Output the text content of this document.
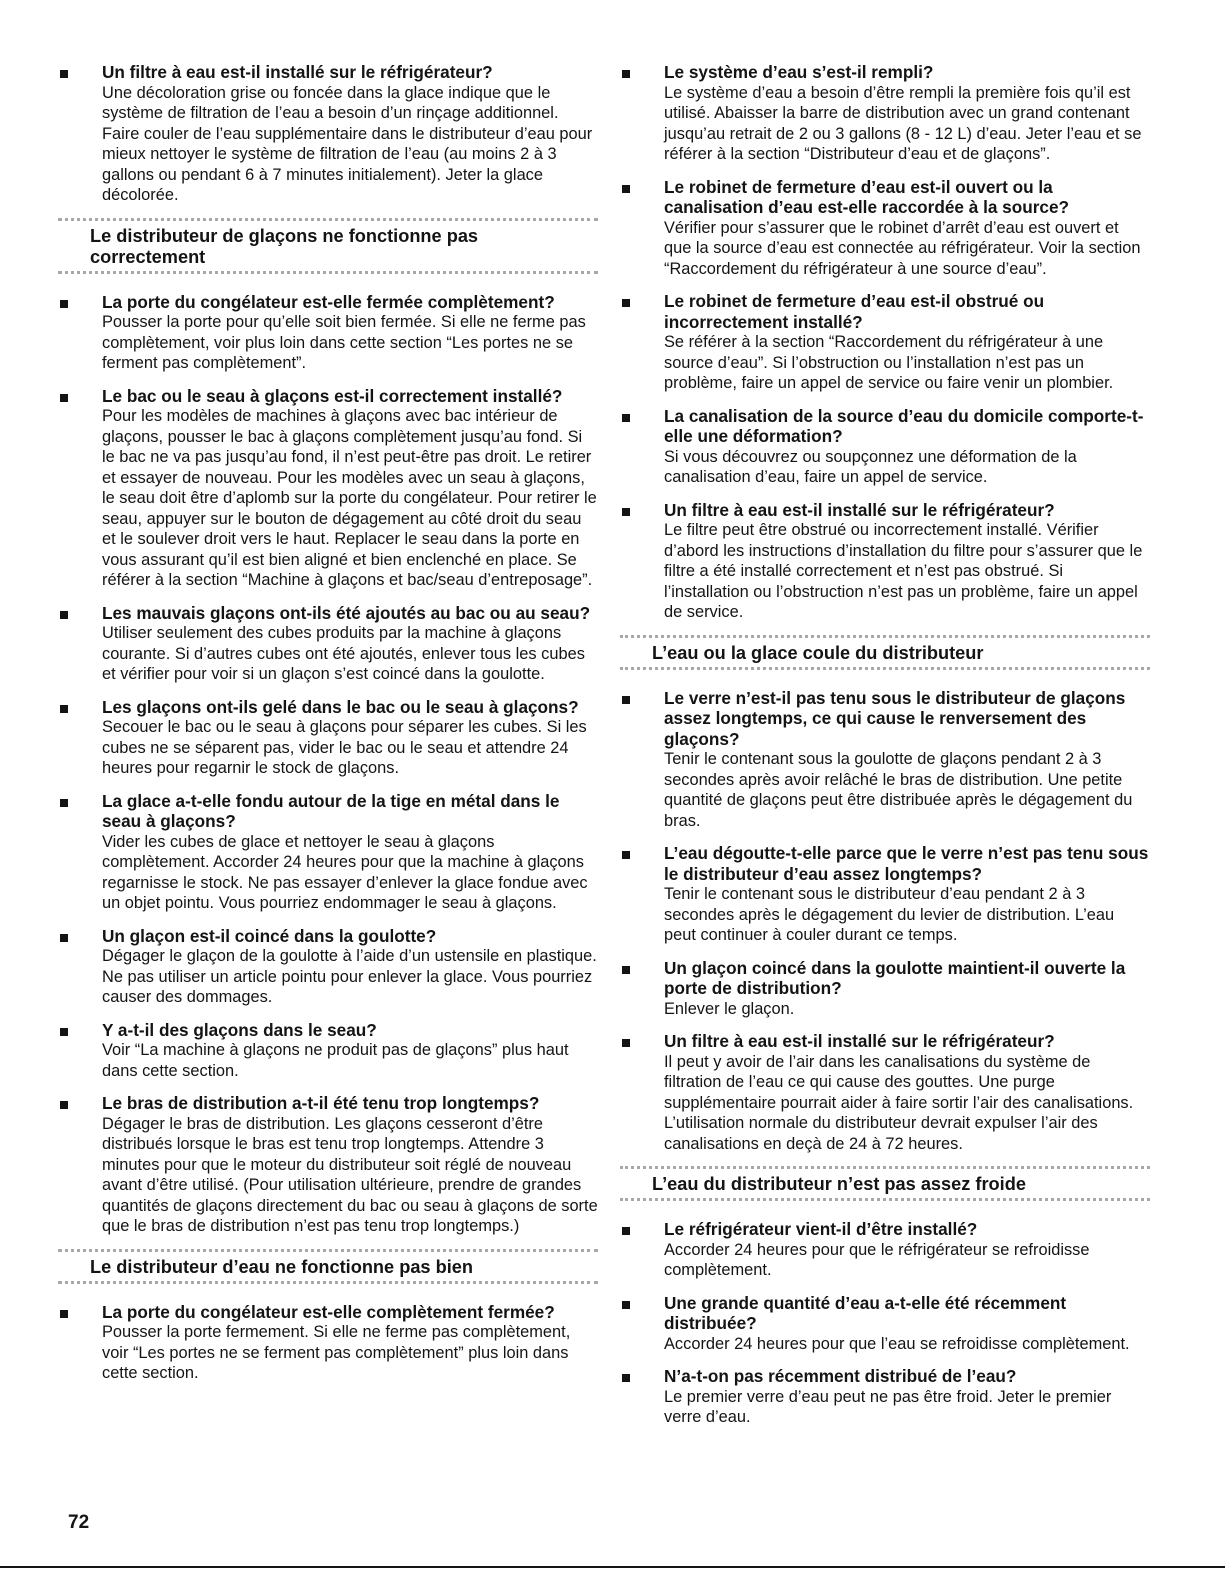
Un filtre à eau est-il installé sur le réfrigérateur?

Une décoloration grise ou foncée dans la glace indique que le système de filtration de l’eau a besoin d’un rinçage additionnel. Faire couler de l’eau supplémentaire dans le distributeur d’eau pour mieux nettoyer le système de filtration de l’eau (au moins 2 à 3 gallons ou pendant 6 à 7 minutes initialement). Jeter la glace décolorée.

Le distributeur de glaçons ne fonctionne pas correctement

La porte du congélateur est-elle fermée complètement?

Pousser la porte pour qu’elle soit bien fermée. Si elle ne ferme pas complètement, voir plus loin dans cette section “Les portes ne se ferment pas complètement”.

Le bac ou le seau à glaçons est-il correctement installé?

Pour les modèles de machines à glaçons avec bac intérieur de glaçons, pousser le bac à glaçons complètement jusqu’au fond. Si le bac ne va pas jusqu’au fond, il n’est peut-être pas droit. Le retirer et essayer de nouveau. Pour les modèles avec un seau à glaçons, le seau doit être d’aplomb sur la porte du congélateur. Pour retirer le seau, appuyer sur le bouton de dégagement au côté droit du seau et le soulever droit vers le haut. Replacer le seau dans la porte en vous assurant qu’il est bien aligné et bien enclenché en place. Se référer à la section “Machine à glaçons et bac/seau d’entreposage”.

Les mauvais glaçons ont-ils été ajoutés au bac ou au seau?

Utiliser seulement des cubes produits par la machine à glaçons courante. Si d’autres cubes ont été ajoutés, enlever tous les cubes et vérifier pour voir si un glaçon s’est coincé dans la goulotte.

Les glaçons ont-ils gelé dans le bac ou le seau à glaçons?

Secouer le bac ou le seau à glaçons pour séparer les cubes. Si les cubes ne se séparent pas, vider le bac ou le seau et attendre 24 heures pour regarnir le stock de glaçons.

La glace a-t-elle fondu autour de la tige en métal dans le seau à glaçons?

Vider les cubes de glace et nettoyer le seau à glaçons complètement. Accorder 24 heures pour que la machine à glaçons regarnisse le stock. Ne pas essayer d’enlever la glace fondue avec un objet pointu. Vous pourriez endommager le seau à glaçons.

Un glaçon est-il coincé dans la goulotte?

Dégager le glaçon de la goulotte à l’aide d’un ustensile en plastique. Ne pas utiliser un article pointu pour enlever la glace. Vous pourriez causer des dommages.

Y a-t-il des glaçons dans le seau?

Voir “La machine à glaçons ne produit pas de glaçons” plus haut dans cette section.

Le bras de distribution a-t-il été tenu trop longtemps?

Dégager le bras de distribution. Les glaçons cesseront d’être distribués lorsque le bras est tenu trop longtemps. Attendre 3 minutes pour que le moteur du distributeur soit réglé de nouveau avant d’être utilisé. (Pour utilisation ultérieure, prendre de grandes quantités de glaçons directement du bac ou seau à glaçons de sorte que le bras de distribution n’est pas tenu trop longtemps.)

Le distributeur d’eau ne fonctionne pas bien

La porte du congélateur est-elle complètement fermée?

Pousser la porte fermement. Si elle ne ferme pas complètement, voir “Les portes ne se ferment pas complètement” plus loin dans cette section.

Le système d’eau s’est-il rempli?

Le système d’eau a besoin d’être rempli la première fois qu’il est utilisé. Abaisser la barre de distribution avec un grand contenant jusqu’au retrait de 2 ou 3 gallons (8 - 12 L) d’eau. Jeter l’eau et se référer à la section “Distributeur d’eau et de glaçons”.

Le robinet de fermeture d’eau est-il ouvert ou la canalisation d’eau est-elle raccordée à la source?

Vérifier pour s’assurer que le robinet d’arrêt d’eau est ouvert et que la source d’eau est connectée au réfrigérateur. Voir la section “Raccordement du réfrigérateur à une source d’eau”.

Le robinet de fermeture d’eau est-il obstrué ou incorrectement installé?

Se référer à la section “Raccordement du réfrigérateur à une source d’eau”. Si l’obstruction ou l’installation n’est pas un problème, faire un appel de service ou faire venir un plombier.

La canalisation de la source d’eau du domicile comporte-t-elle une déformation?

Si vous découvrez ou soupçonnez une déformation de la canalisation d’eau, faire un appel de service.

Un filtre à eau est-il installé sur le réfrigérateur?

Le filtre peut être obstrué ou incorrectement installé. Vérifier d’abord les instructions d’installation du filtre pour s’assurer que le filtre a été installé correctement et n’est pas obstrué. Si l’installation ou l’obstruction n’est pas un problème, faire un appel de service.

L’eau ou la glace coule du distributeur

Le verre n’est-il pas tenu sous le distributeur de glaçons assez longtemps, ce qui cause le renversement des glaçons?

Tenir le contenant sous la goulotte de glaçons pendant 2 à 3 secondes après avoir relâché le bras de distribution. Une petite quantité de glaçons peut être distribuée après le dégagement du bras.

L’eau dégoutte-t-elle parce que le verre n’est pas tenu sous le distributeur d’eau assez longtemps?

Tenir le contenant sous le distributeur d’eau pendant 2 à 3 secondes après le dégagement du levier de distribution. L’eau peut continuer à couler durant ce temps.

Un glaçon coincé dans la goulotte maintient-il ouverte la porte de distribution?

Enlever le glaçon.

Un filtre à eau est-il installé sur le réfrigérateur?

Il peut y avoir de l’air dans les canalisations du système de filtration de l’eau ce qui cause des gouttes. Une purge supplémentaire pourrait aider à faire sortir l’air des canalisations. L’utilisation normale du distributeur devrait expulser l’air des canalisations en deçà de 24 à 72 heures.

L’eau du distributeur n’est pas assez froide

Le réfrigérateur vient-il d’être installé?

Accorder 24 heures pour que le réfrigérateur se refroidisse complètement.

Une grande quantité d’eau a-t-elle été récemment distribuée?

Accorder 24 heures pour que l’eau se refroidisse complètement.

N’a-t-on pas récemment distribué de l’eau?

Le premier verre d’eau peut ne pas être froid. Jeter le premier verre d’eau.

72
